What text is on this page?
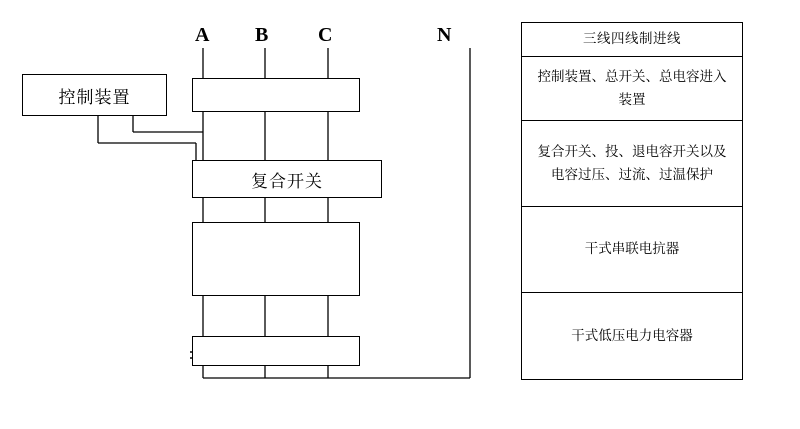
A B C	N
控制装置
复合开关
三线四线制进线
控制装置、总开关、总电容进入装置
复合开关、投、退电容开关以及电容过压、过流、过温保护
干式串联电抗器
干式低压电力电容器
